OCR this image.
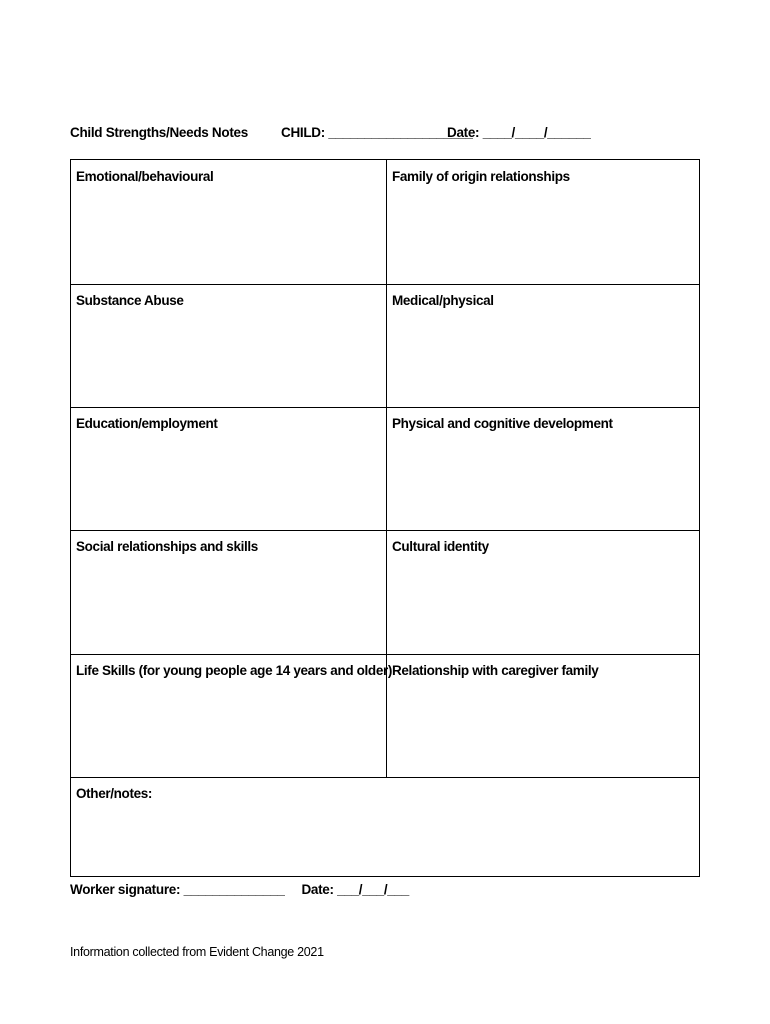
Child Strengths/Needs Notes CHILD: ____________________
Date: ____/____/______
Emotional/behavioural	Family of origin relationships
Substance Abuse	Medical/physical
Education/employment	Physical and cognitive development
Social relationships and skills	Cultural identity
Life Skills (for young people age 14 years and older) Relationship with caregiver family
Other/notes:
Worker signature: ______________ Date: ___/___/___
Information collected from Evident Change 2021
